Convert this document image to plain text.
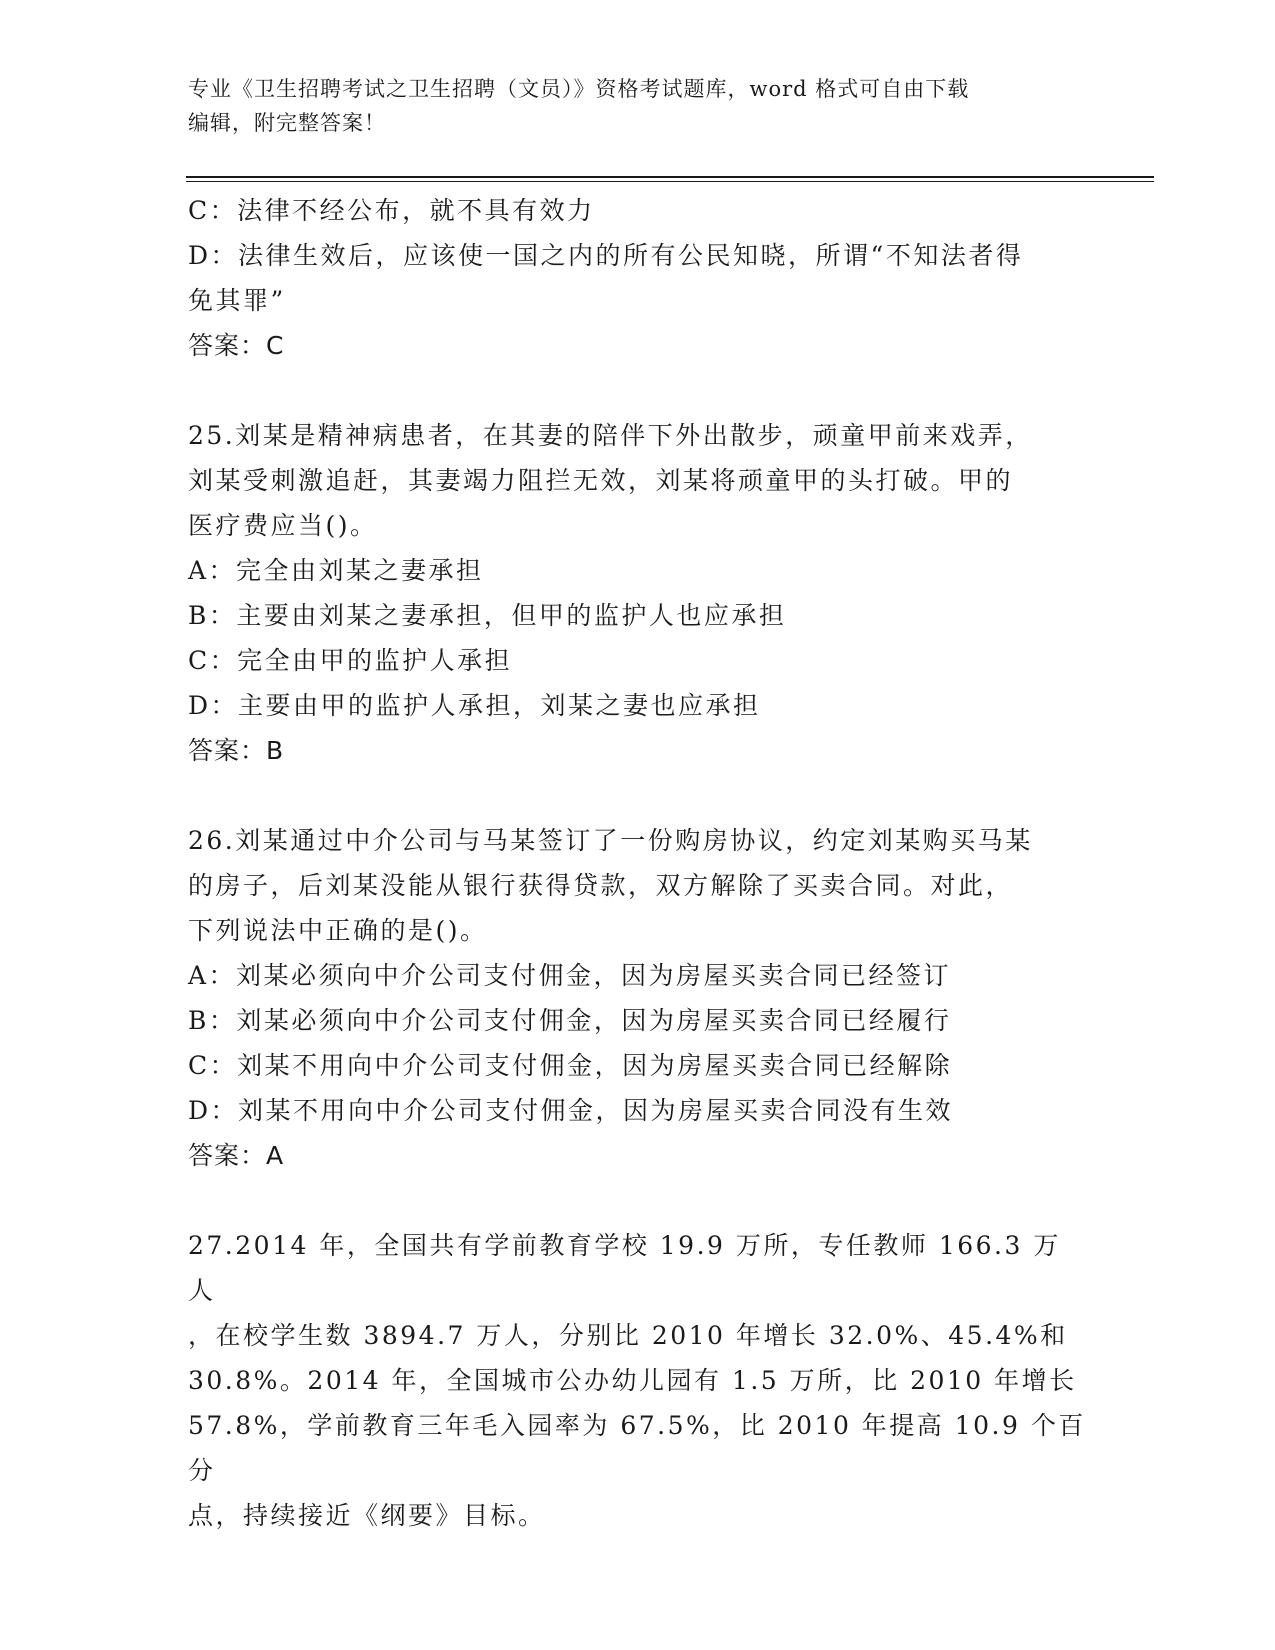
专业《卫生招聘考试之卫生招聘（文员）》资格考试题库，word 格式可自由下载

编辑，附完整答案！

C：法律不经公布，就不具有效力

D：法律生效后，应该使一国之内的所有公民知晓，所谓“不知法者得

免其罪”

答案：C

25.刘某是精神病患者，在其妻的陪伴下外出散步，顽童甲前来戏弄，

刘某受刺激追赶，其妻竭力阻拦无效，刘某将顽童甲的头打破。甲的

医疗费应当()。

A：完全由刘某之妻承担

B：主要由刘某之妻承担，但甲的监护人也应承担

C：完全由甲的监护人承担

D：主要由甲的监护人承担，刘某之妻也应承担

答案：B

26.刘某通过中介公司与马某签订了一份购房协议，约定刘某购买马某

的房子，后刘某没能从银行获得贷款，双方解除了买卖合同。对此，

下列说法中正确的是()。

A：刘某必须向中介公司支付佣金，因为房屋买卖合同已经签订

B：刘某必须向中介公司支付佣金，因为房屋买卖合同已经履行

C：刘某不用向中介公司支付佣金，因为房屋买卖合同已经解除

D：刘某不用向中介公司支付佣金，因为房屋买卖合同没有生效

答案：A

27.2014 年，全国共有学前教育学校 19.9 万所，专任教师 166.3 万人

，在校学生数 3894.7 万人，分别比 2010 年增长 32.0%、45.4%和

30.8%。2014 年，全国城市公办幼儿园有 1.5 万所，比 2010 年增长

57.8%，学前教育三年毛入园率为 67.5%，比 2010 年提高 10.9 个百分

点，持续接近《纲要》目标。
